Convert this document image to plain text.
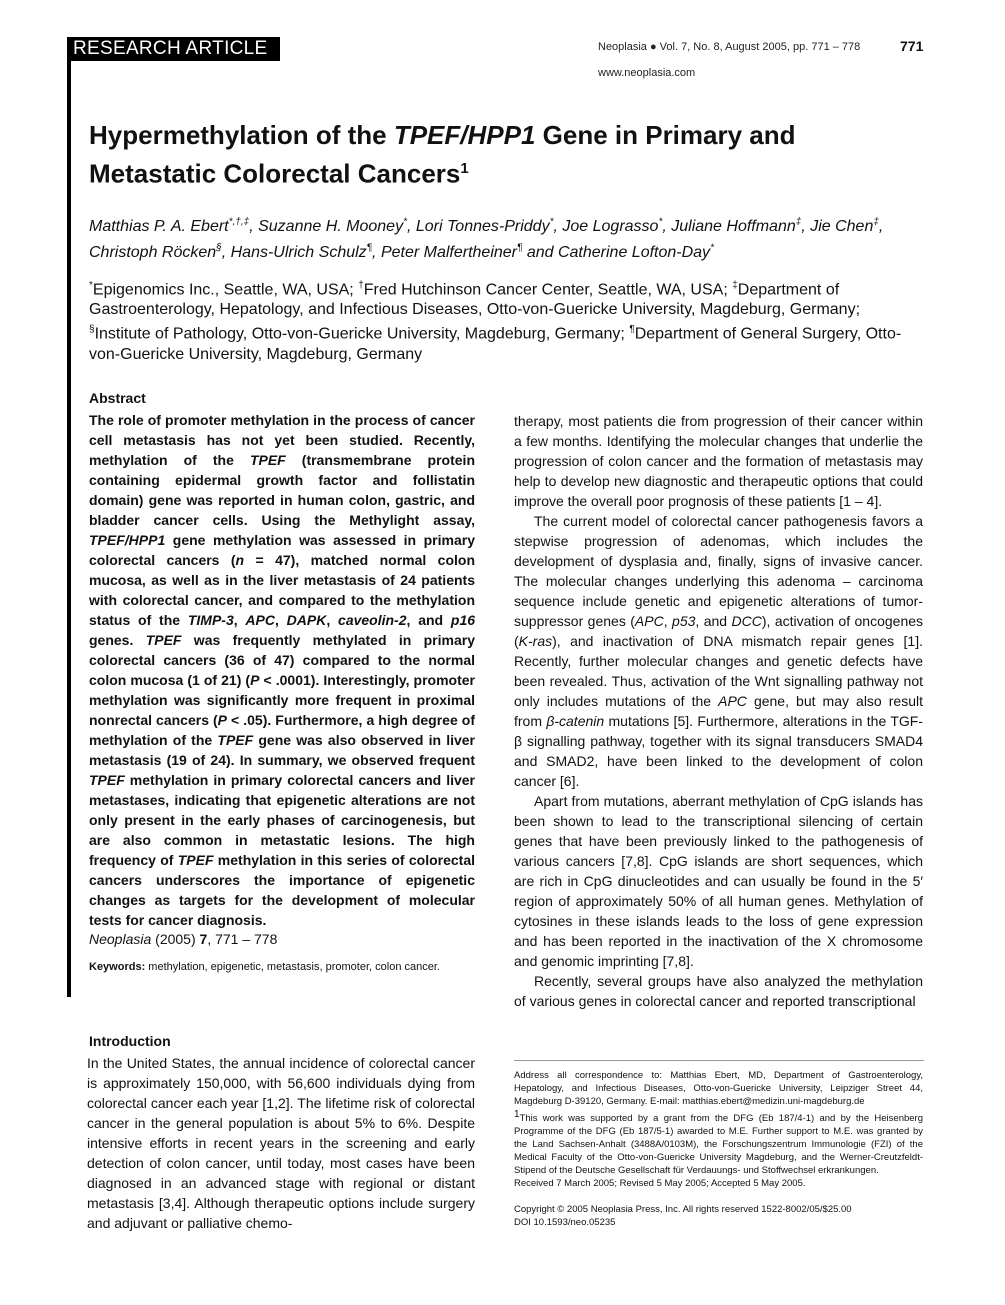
RESEARCH ARTICLE	Neoplasia ● Vol. 7, No. 8, August 2005, pp. 771 – 778	771
www.neoplasia.com
Hypermethylation of the TPEF/HPP1 Gene in Primary and Metastatic Colorectal Cancers$^1$
Matthias P. A. Ebert*,†,‡, Suzanne H. Mooney*, Lori Tonnes-Priddy*, Joe Lograsso*, Juliane Hoffmann‡, Jie Chen‡, Christoph Röcken§, Hans-Ulrich Schulz¶, Peter Malfertheiner¶ and Catherine Lofton-Day*
*Epigenomics Inc., Seattle, WA, USA; †Fred Hutchinson Cancer Center, Seattle, WA, USA; ‡Department of Gastroenterology, Hepatology, and Infectious Diseases, Otto-von-Guericke University, Magdeburg, Germany; §Institute of Pathology, Otto-von-Guericke University, Magdeburg, Germany; ¶Department of General Surgery, Otto-von-Guericke University, Magdeburg, Germany
Abstract
The role of promoter methylation in the process of cancer cell metastasis has not yet been studied. Recently, methylation of the TPEF (transmembrane protein containing epidermal growth factor and follistatin domain) gene was reported in human colon, gastric, and bladder cancer cells. Using the Methylight assay, TPEF/HPP1 gene methylation was assessed in primary colorectal cancers (n = 47), matched normal colon mucosa, as well as in the liver metastasis of 24 patients with colorectal cancer, and compared to the methylation status of the TIMP-3, APC, DAPK, caveolin-2, and p16 genes. TPEF was frequently methylated in primary colorectal cancers (36 of 47) compared to the normal colon mucosa (1 of 21) (P < .0001). Interestingly, promoter methylation was significantly more frequent in proximal nonrectal cancers (P < .05). Furthermore, a high degree of methylation of the TPEF gene was also observed in liver metastasis (19 of 24). In summary, we observed frequent TPEF methylation in primary colorectal cancers and liver metastases, indicating that epigenetic alterations are not only present in the early phases of carcinogenesis, but are also common in metastatic lesions. The high frequency of TPEF methylation in this series of colorectal cancers underscores the importance of epigenetic changes as targets for the development of molecular tests for cancer diagnosis.
Neoplasia (2005) 7, 771 – 778
Keywords: methylation, epigenetic, metastasis, promoter, colon cancer.
Introduction
In the United States, the annual incidence of colorectal cancer is approximately 150,000, with 56,600 individuals dying from colorectal cancer each year [1,2]. The lifetime risk of colorectal cancer in the general population is about 5% to 6%. Despite intensive efforts in recent years in the screening and early detection of colon cancer, until today, most cases have been diagnosed in an advanced stage with regional or distant metastasis [3,4]. Although therapeutic options include surgery and adjuvant or palliative chemo-

therapy, most patients die from progression of their cancer within a few months. Identifying the molecular changes that underlie the progression of colon cancer and the formation of metastasis may help to develop new diagnostic and therapeutic options that could improve the overall poor prognosis of these patients [1 – 4].

The current model of colorectal cancer pathogenesis favors a stepwise progression of adenomas, which includes the development of dysplasia and, finally, signs of invasive cancer. The molecular changes underlying this adenoma – carcinoma sequence include genetic and epigenetic alterations of tumor-suppressor genes (APC, p53, and DCC), activation of oncogenes (K-ras), and inactivation of DNA mismatch repair genes [1]. Recently, further molecular changes and genetic defects have been revealed. Thus, activation of the Wnt signalling pathway not only includes mutations of the APC gene, but may also result from β-catenin mutations [5]. Furthermore, alterations in the TGF-β signalling pathway, together with its signal transducers SMAD4 and SMAD2, have been linked to the development of colon cancer [6].

Apart from mutations, aberrant methylation of CpG islands has been shown to lead to the transcriptional silencing of certain genes that have been previously linked to the pathogenesis of various cancers [7,8]. CpG islands are short sequences, which are rich in CpG dinucleotides and can usually be found in the 5′ region of approximately 50% of all human genes. Methylation of cytosines in these islands leads to the loss of gene expression and has been reported in the inactivation of the X chromosome and genomic imprinting [7,8].

Recently, several groups have also analyzed the methylation of various genes in colorectal cancer and reported transcriptional

Address all correspondence to: Matthias Ebert, MD, Department of Gastroenterology, Hepatology, and Infectious Diseases, Otto-von-Guericke University, Leipziger Street 44, Magdeburg D-39120, Germany. E-mail: matthias.ebert@medizin.uni-magdeburg.de

$^1$This work was supported by a grant from the DFG (Eb 187/4-1) and by the Heisenberg Programme of the DFG (Eb 187/5-1) awarded to M.E. Further support to M.E. was granted by the Land Sachsen-Anhalt (3488A/0103M), the Forschungszentrum Immunologie (FZI) of the Medical Faculty of the Otto-von-Guericke University Magdeburg, and the Werner-Creutzfeldt-Stipend of the Deutsche Gesellschaft für Verdauungs- und Stoffwechsel erkrankungen.

Received 7 March 2005; Revised 5 May 2005; Accepted 5 May 2005.

Copyright © 2005 Neoplasia Press, Inc. All rights reserved 1522-8002/05/$25.00
DOI 10.1593/neo.05235
